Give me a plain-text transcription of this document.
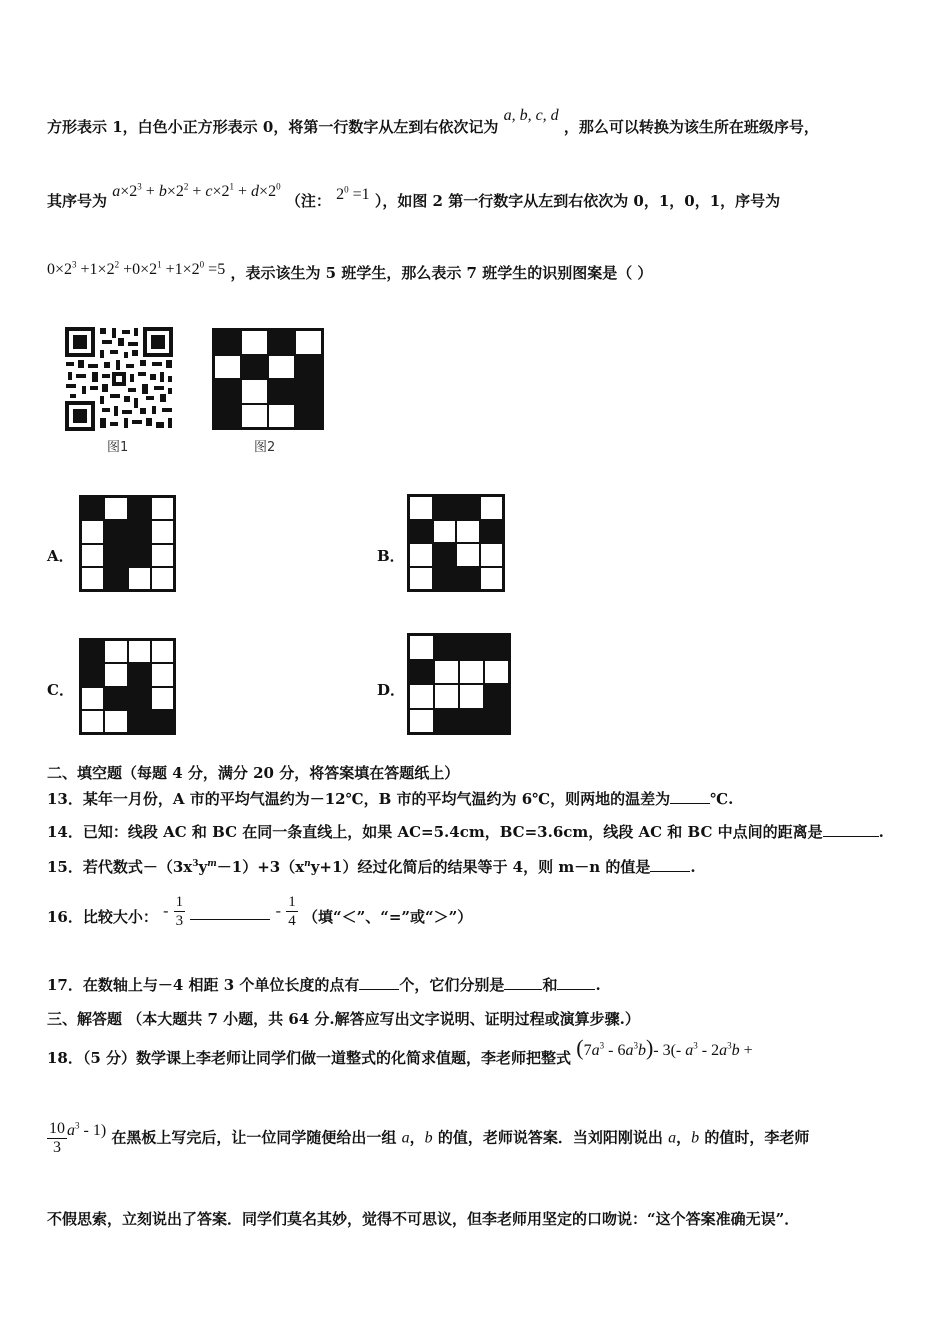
方形表示 1，白色小正方形表示 0，将第一行数字从左到右依次记为 a, b, c, d ，那么可以转换为该生所在班级序号，
其序号为 $a\times 2^3 + b\times 2^2 + c\times 2^1 + d\times 2^0$ （注： $2^0 =1$ ），如图 2 第一行数字从左到右依次为 0，1，0，1，序号为
$0\times 2^3 +1\times 2^2 +0\times 2^1 +1\times 2^0 =5$ ，表示该生为 5 班学生，那么表示 7 班学生的识别图案是（ ）
图1	图2
A．	B．
C．	D．
二、填空题（每题 4 分，满分 20 分，将答案填在答题纸上）
13．某年一月份，A 市的平均气温约为－12℃，B 市的平均气温约为 6℃，则两地的温差为	℃.
14．已知：线段 AC 和 BC 在同一条直线上，如果 AC=5.4cm，BC=3.6cm，线段 AC 和 BC 中点间的距离是	.
15．若代数式$-(3x^3y^m-1)+3(x^ny+1)$经过化简后的结果等于 4，则 m－n 的值是	.
16．比较大小： - $\frac{1}{3}$	- $\frac{1}{4}$ （填“＜”、“=”或“＞”）
17．在数轴上与－4 相距 3 个单位长度的点有	个，它们分别是	和	.
三、解答题 （本大题共 7 小题，共 64 分.解答应写出文字说明、证明过程或演算步骤.）
18．（5 分）数学课上李老师让同学们做一道整式的化简求值题，李老师把整式 $(7a^3 - 6a^3b)-$ 3(- $a^3 - 2a^3b$ +
$\frac{10}{3} a^3 - 1$) 在黑板上写完后，让一位同学随便给出一组 a，b 的值，老师说答案．当刘阳刚说出 a，b 的值时，李老师
不假思索，立刻说出了答案．同学们莫名其妙，觉得不可思议，但李老师用坚定的口吻说：“这个答案准确无误”．
